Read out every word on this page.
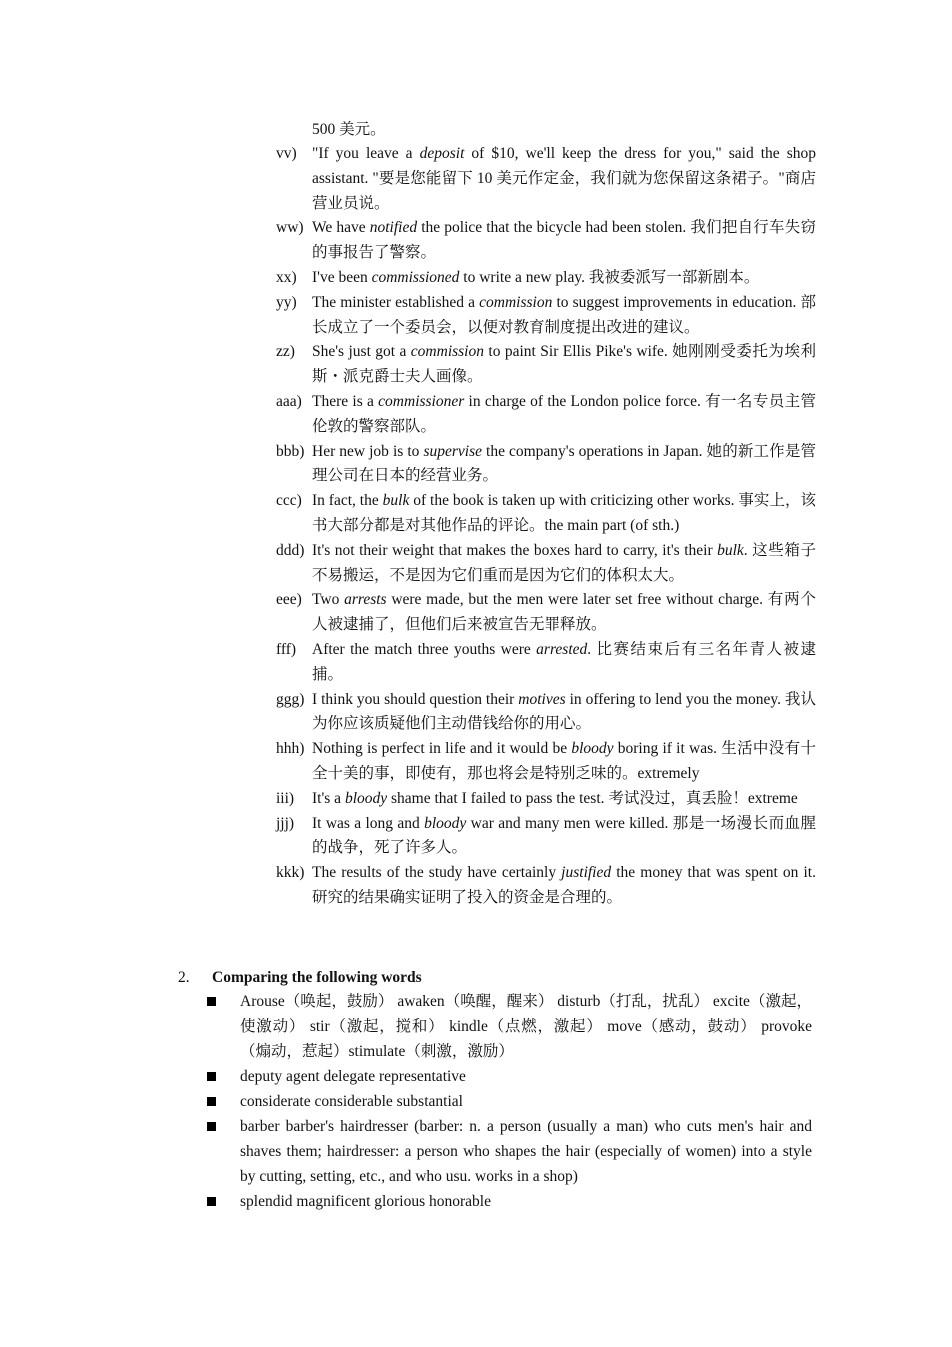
500 美元。
vv) "If you leave a deposit of $10, we'll keep the dress for you," said the shop assistant. "要是您能留下 10 美元作定金，我们就为您保留这条裙子。"商店营业员说。
ww) We have notified the police that the bicycle had been stolen. 我们把自行车失窃的事报告了警察。
xx) I've been commissioned to write a new play. 我被委派写一部新剧本。
yy) The minister established a commission to suggest improvements in education. 部长成立了一个委员会，以便对教育制度提出改进的建议。
zz) She's just got a commission to paint Sir Ellis Pike's wife. 她刚刚受委托为埃利斯・派克爵士夫人画像。
aaa) There is a commissioner in charge of the London police force. 有一名专员主管伦敦的警察部队。
bbb) Her new job is to supervise the company's operations in Japan. 她的新工作是管理公司在日本的经营业务。
ccc) In fact, the bulk of the book is taken up with criticizing other works. 事实上，该书大部分都是对其他作品的评论。the main part (of sth.)
ddd) It's not their weight that makes the boxes hard to carry, it's their bulk. 这些箱子不易搬运，不是因为它们重而是因为它们的体积太大。
eee) Two arrests were made, but the men were later set free without charge. 有两个人被逮捕了，但他们后来被宣告无罪释放。
fff) After the match three youths were arrested. 比赛结束后有三名年青人被逮捕。
ggg) I think you should question their motives in offering to lend you the money. 我认为你应该质疑他们主动借钱给你的用心。
hhh) Nothing is perfect in life and it would be bloody boring if it was. 生活中没有十全十美的事，即使有，那也将会是特别乏味的。extremely
iii) It's a bloody shame that I failed to pass the test. 考试没过，真丢脸！extreme
jjj) It was a long and bloody war and many men were killed. 那是一场漫长而血腥的战争，死了许多人。
kkk) The results of the study have certainly justified the money that was spent on it. 研究的结果确实证明了投入的资金是合理的。
2. Comparing the following words
Arouse（唤起，鼓励） awaken（唤醒，醒来） disturb（打乱，扰乱） excite（激起，使激动） stir（激起，搅和） kindle（点燃，激起） move（感动，鼓动） provoke （煽动，惹起）stimulate（刺激，激励）
deputy agent delegate representative
considerate considerable substantial
barber barber's hairdresser (barber: n. a person (usually a man) who cuts men's hair and shaves them; hairdresser: a person who shapes the hair (especially of women) into a style by cutting, setting, etc., and who usu. works in a shop)
splendid magnificent glorious honorable
